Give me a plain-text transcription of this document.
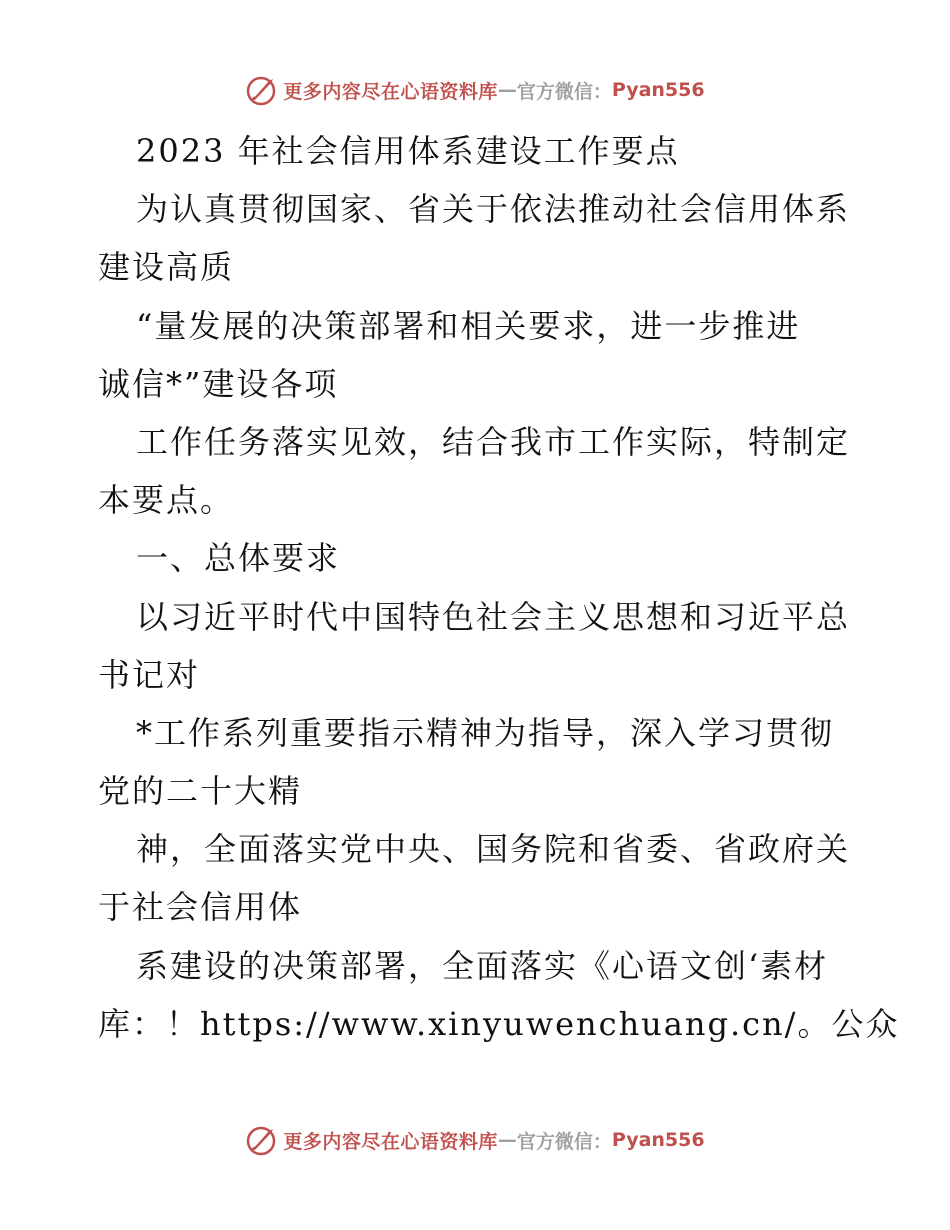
更多内容尽在心语资料库 — 官方微信： Pyan556
2023 年社会信用体系建设工作要点
为认真贯彻国家、省关于依法推动社会信用体系
建设高质
“量发展的决策部署和相关要求，进一步推进
诚信*”建设各项
工作任务落实见效，结合我市工作实际，特制定
本要点。
一、总体要求
以习近平时代中国特色社会主义思想和习近平总
书记对
*工作系列重要指示精神为指导，深入学习贯彻
党的二十大精
神，全面落实党中央、国务院和省委、省政府关
于社会信用体
系建设的决策部署，全面落实《心语文创‘素材
库：！https://www.xinyuwenchuang.cn/。公众
更多内容尽在心语资料库 — 官方微信： Pyan556
